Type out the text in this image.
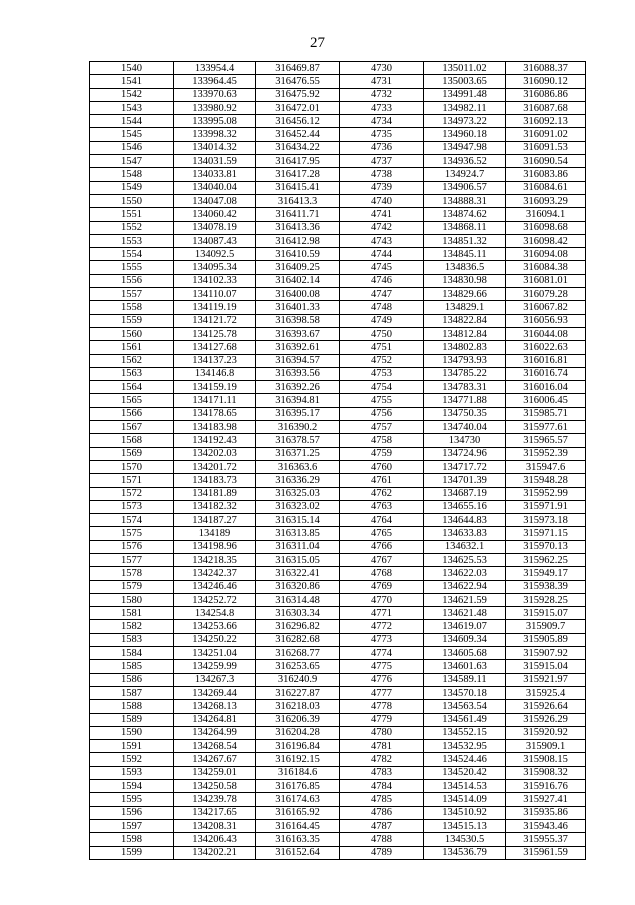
27
1540	133954.4	316469.87	4730	135011.02	316088.37
1541	133964.45	316476.55	4731	135003.65	316090.12
1542	133970.63	316475.92	4732	134991.48	316086.86
1543	133980.92	316472.01	4733	134982.11	316087.68
1544	133995.08	316456.12	4734	134973.22	316092.13
1545	133998.32	316452.44	4735	134960.18	316091.02
1546	134014.32	316434.22	4736	134947.98	316091.53
1547	134031.59	316417.95	4737	134936.52	316090.54
1548	134033.81	316417.28	4738	134924.7	316083.86
1549	134040.04	316415.41	4739	134906.57	316084.61
1550	134047.08	316413.3	4740	134888.31	316093.29
1551	134060.42	316411.71	4741	134874.62	316094.1
1552	134078.19	316413.36	4742	134868.11	316098.68
1553	134087.43	316412.98	4743	134851.32	316098.42
1554	134092.5	316410.59	4744	134845.11	316094.08
1555	134095.34	316409.25	4745	134836.5	316084.38
1556	134102.33	316402.14	4746	134830.98	316081.01
1557	134110.07	316400.08	4747	134829.66	316079.28
1558	134119.19	316401.33	4748	134829.1	316067.82
1559	134121.72	316398.58	4749	134822.84	316056.93
1560	134125.78	316393.67	4750	134812.84	316044.08
1561	134127.68	316392.61	4751	134802.83	316022.63
1562	134137.23	316394.57	4752	134793.93	316016.81
1563	134146.8	316393.56	4753	134785.22	316016.74
1564	134159.19	316392.26	4754	134783.31	316016.04
1565	134171.11	316394.81	4755	134771.88	316006.45
1566	134178.65	316395.17	4756	134750.35	315985.71
1567	134183.98	316390.2	4757	134740.04	315977.61
1568	134192.43	316378.57	4758	134730	315965.57
1569	134202.03	316371.25	4759	134724.96	315952.39
1570	134201.72	316363.6	4760	134717.72	315947.6
1571	134183.73	316336.29	4761	134701.39	315948.28
1572	134181.89	316325.03	4762	134687.19	315952.99
1573	134182.32	316323.02	4763	134655.16	315971.91
1574	134187.27	316315.14	4764	134644.83	315973.18
1575	134189	316313.85	4765	134633.83	315971.15
1576	134198.96	316311.04	4766	134632.1	315970.13
1577	134218.35	316315.05	4767	134625.53	315962.25
1578	134242.37	316322.41	4768	134622.03	315949.17
1579	134246.46	316320.86	4769	134622.94	315938.39
1580	134252.72	316314.48	4770	134621.59	315928.25
1581	134254.8	316303.34	4771	134621.48	315915.07
1582	134253.66	316296.82	4772	134619.07	315909.7
1583	134250.22	316282.68	4773	134609.34	315905.89
1584	134251.04	316268.77	4774	134605.68	315907.92
1585	134259.99	316253.65	4775	134601.63	315915.04
1586	134267.3	316240.9	4776	134589.11	315921.97
1587	134269.44	316227.87	4777	134570.18	315925.4
1588	134268.13	316218.03	4778	134563.54	315926.64
1589	134264.81	316206.39	4779	134561.49	315926.29
1590	134264.99	316204.28	4780	134552.15	315920.92
1591	134268.54	316196.84	4781	134532.95	315909.1
1592	134267.67	316192.15	4782	134524.46	315908.15
1593	134259.01	316184.6	4783	134520.42	315908.32
1594	134250.58	316176.85	4784	134514.53	315916.76
1595	134239.78	316174.63	4785	134514.09	315927.41
1596	134217.65	316165.92	4786	134510.92	315935.86
1597	134208.31	316164.45	4787	134515.13	315943.46
1598	134206.43	316163.35	4788	134530.5	315955.37
1599	134202.21	316152.64	4789	134536.79	315961.59
